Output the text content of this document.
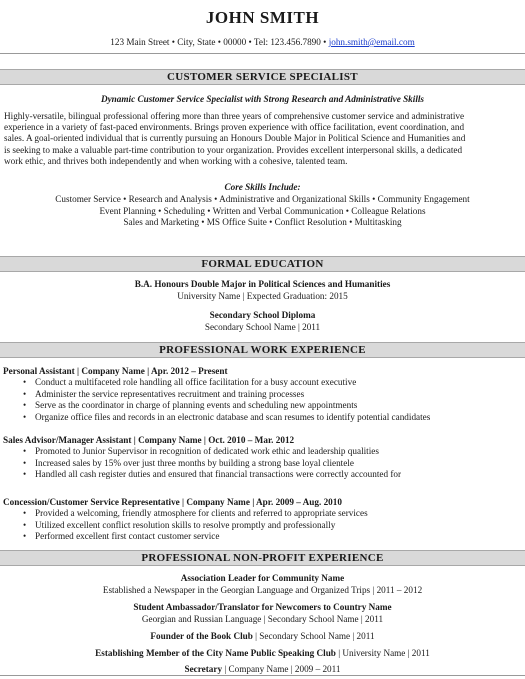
JOHN SMITH
123 Main Street • City, State • 00000 • Tel: 123.456.7890 • john.smith@email.com
CUSTOMER SERVICE SPECIALIST
Dynamic Customer Service Specialist with Strong Research and Administrative Skills
Highly-versatile, bilingual professional offering more than three years of comprehensive customer service and administrative
experience in a variety of fast-paced environments. Brings proven experience with office facilitation, event coordination, and
sales. A goal-oriented individual that is currently pursuing an Honours Double Major in Political Science and Humanities and
is seeking to make a valuable part-time contribution to your organization. Provides excellent interpersonal skills, a dedicated
work ethic, and thrives both independently and when working with a cohesive, talented team.
Core Skills Include:
Customer Service • Research and Analysis • Administrative and Organizational Skills • Community Engagement
Event Planning • Scheduling • Written and Verbal Communication • Colleague Relations
Sales and Marketing • MS Office Suite • Conflict Resolution • Multitasking
FORMAL EDUCATION
B.A. Honours Double Major in Political Sciences and Humanities
University Name | Expected Graduation: 2015
Secondary School Diploma
Secondary School Name | 2011
PROFESSIONAL WORK EXPERIENCE
Personal Assistant | Company Name | Apr. 2012 – Present
• Conduct a multifaceted role handling all office facilitation for a busy account executive
• Administer the service representatives recruitment and training processes
• Serve as the coordinator in charge of planning events and scheduling new appointments
• Organize office files and records in an electronic database and scan resumes to identify potential candidates
Sales Advisor/Manager Assistant | Company Name | Oct. 2010 – Mar. 2012
• Promoted to Junior Supervisor in recognition of dedicated work ethic and leadership qualities
• Increased sales by 15% over just three months by building a strong base loyal clientele
• Handled all cash register duties and ensured that financial transactions were correctly accounted for
Concession/Customer Service Representative | Company Name | Apr. 2009 – Aug. 2010
• Provided a welcoming, friendly atmosphere for clients and referred to appropriate services
• Utilized excellent conflict resolution skills to resolve promptly and professionally
• Performed excellent first contact customer service
PROFESSIONAL NON-PROFIT EXPERIENCE
Association Leader for Community Name
Established a Newspaper in the Georgian Language and Organized Trips | 2011 – 2012
Student Ambassador/Translator for Newcomers to Country Name
Georgian and Russian Language | Secondary School Name | 2011
Founder of the Book Club | Secondary School Name | 2011
Establishing Member of the City Name Public Speaking Club | University Name | 2011
Secretary | Company Name | 2009 – 2011
